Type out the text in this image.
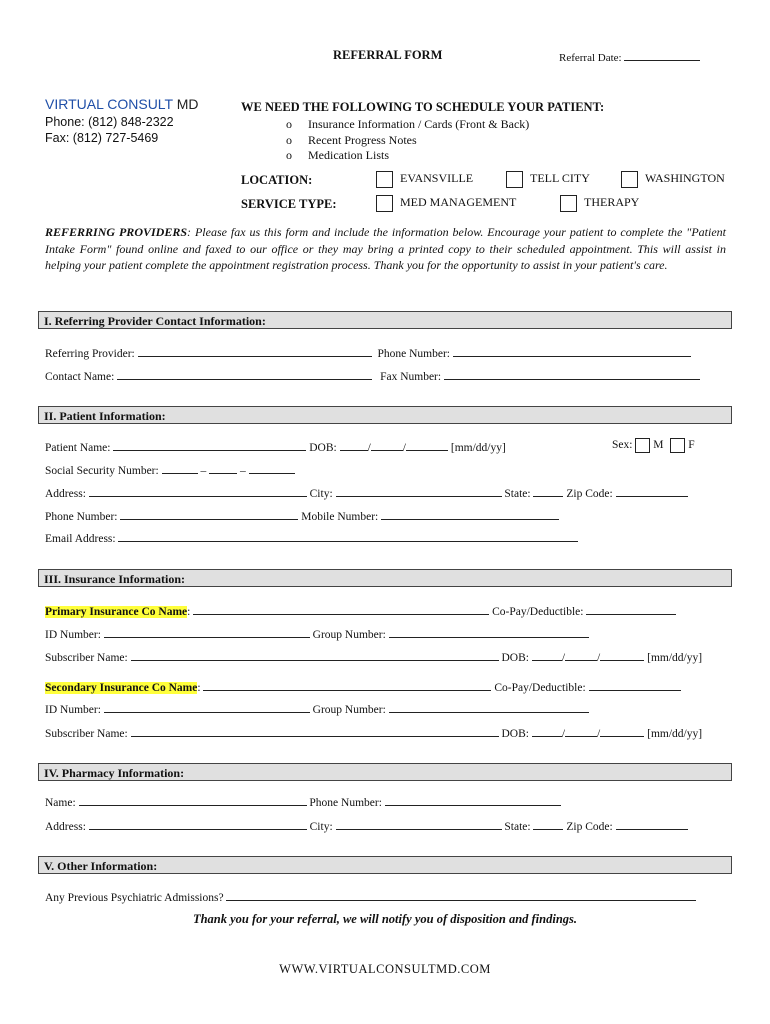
REFERRAL FORM	Referral Date:
VIRTUAL CONSULT MD
Phone: (812) 848-2322
Fax: (812) 727-5469
WE NEED THE FOLLOWING TO SCHEDULE YOUR PATIENT:
o Insurance Information / Cards (Front & Back)
o Recent Progress Notes
o Medication Lists
LOCATION:	EVANSVILLE	TELL CITY	WASHINGTON
SERVICE TYPE:	MED MANAGEMENT	THERAPY
REFERRING PROVIDERS: Please fax us this form and include the information below. Encourage your patient to complete the "Patient Intake Form" found online and faxed to our office or they may bring a printed copy to their scheduled appointment. This will assist in helping your patient complete the appointment registration process. Thank you for the opportunity to assist in your patient's care.
I. Referring Provider Contact Information:
Referring Provider:	Phone Number:
Contact Name:	Fax Number:
II. Patient Information:
Patient Name:	DOB:	/	/	[mm/dd/yy]	Sex: M F
Social Security Number:	–	–
Address:	City:	State:	Zip Code:
Phone Number:	Mobile Number:
Email Address:
III. Insurance Information:
Primary Insurance Co Name:	Co-Pay/Deductible:
ID Number:	Group Number:
Subscriber Name:	DOB:	/	/	[mm/dd/yy]
Secondary Insurance Co Name:	Co-Pay/Deductible:
ID Number:	Group Number:
Subscriber Name:	DOB:	/	/	[mm/dd/yy]
IV. Pharmacy Information:
Name:	Phone Number:
Address:	City:	State:	Zip Code:
V. Other Information:
Any Previous Psychiatric Admissions?
Thank you for your referral, we will notify you of disposition and findings.
WWW.VIRTUALCONSULTMD.COM
